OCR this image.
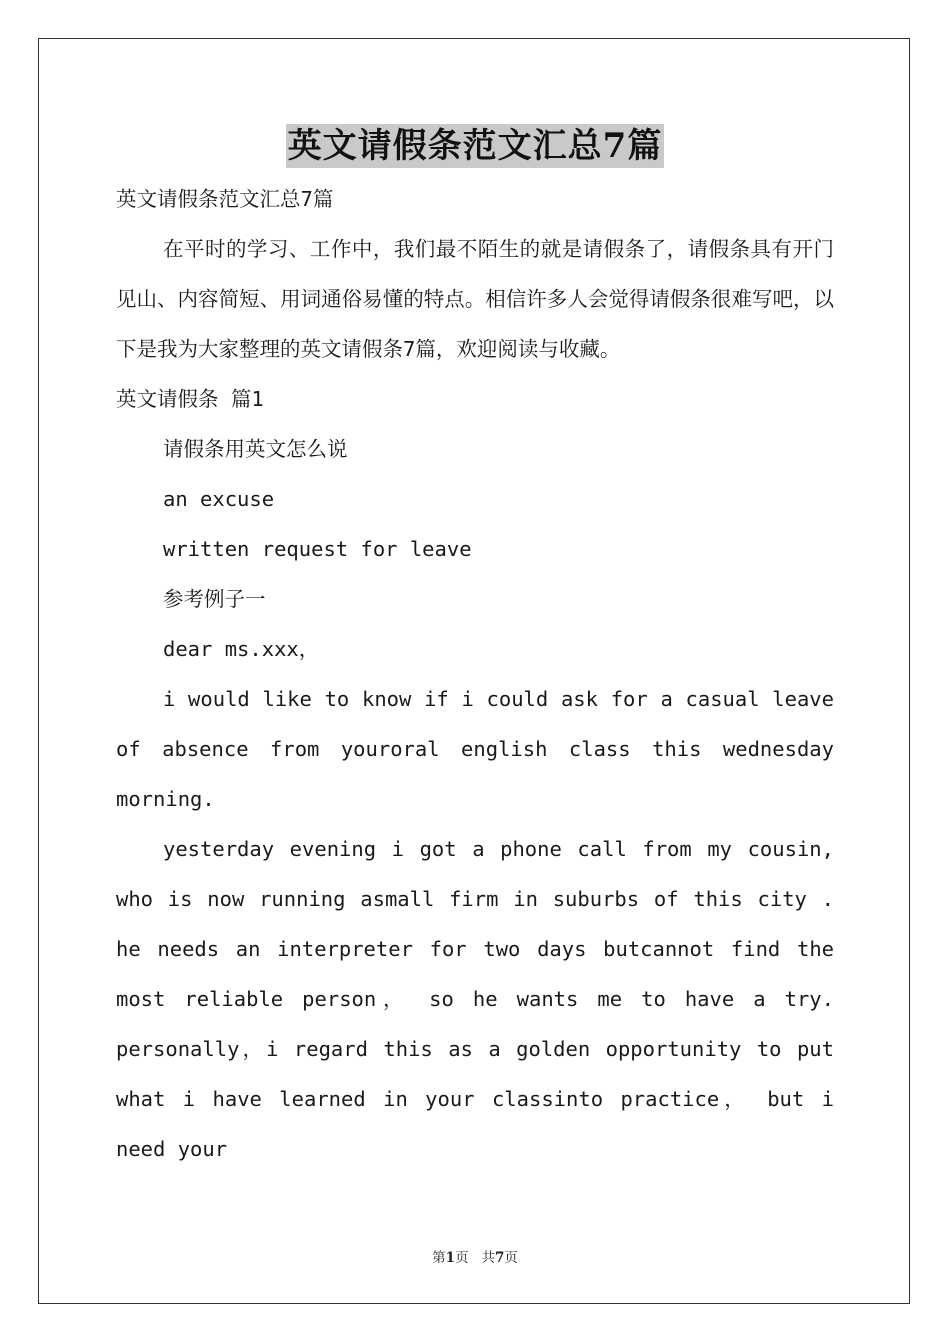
英文请假条范文汇总7篇

英文请假条范文汇总7篇

在平时的学习、工作中，我们最不陌生的就是请假条了，请假条具有开门见山、内容简短、用词通俗易懂的特点。相信许多人会觉得请假条很难写吧，以下是我为大家整理的英文请假条7篇，欢迎阅读与收藏。

英文请假条 篇1

请假条用英文怎么说

an excuse

written request for leave

参考例子一

dear ms.xxx，

i would like to know if i could ask for a casual leave of absence from youroral english class this wednesday morning.

yesterday evening i got a phone call from my cousin, who is now running asmall firm in suburbs of this city . he needs an interpreter for two days butcannot find the most reliable person， so he wants me to have a try. personally，i regard this as a golden opportunity to put what i have learned in your classinto practice， but i need your

第1页 共7页
